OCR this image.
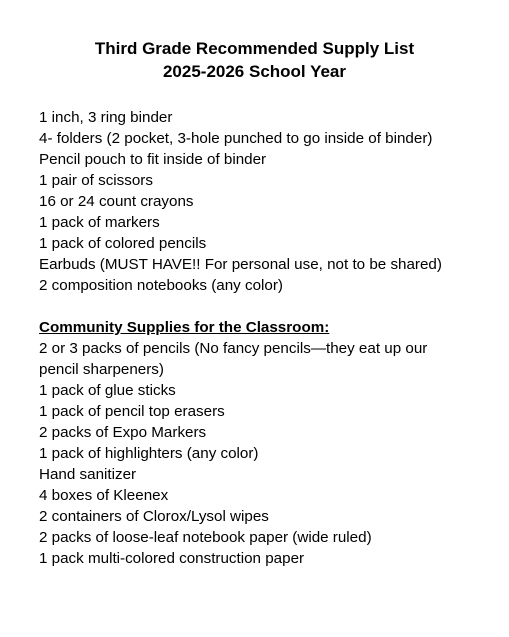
Third Grade Recommended Supply List
2025-2026 School Year
1 inch, 3 ring binder
4- folders (2 pocket, 3-hole punched to go inside of binder)
Pencil pouch to fit inside of binder
1 pair of scissors
16 or 24 count crayons
1 pack of markers
1 pack of colored pencils
Earbuds (MUST HAVE!! For personal use, not to be shared)
2 composition notebooks (any color)
Community Supplies for the Classroom:
2 or 3 packs of pencils (No fancy pencils—they eat up our pencil sharpeners)
1 pack of glue sticks
1 pack of pencil top erasers
2 packs of Expo Markers
1 pack of highlighters (any color)
Hand sanitizer
4 boxes of Kleenex
2 containers of Clorox/Lysol wipes
2 packs of loose-leaf notebook paper (wide ruled)
1 pack multi-colored construction paper
